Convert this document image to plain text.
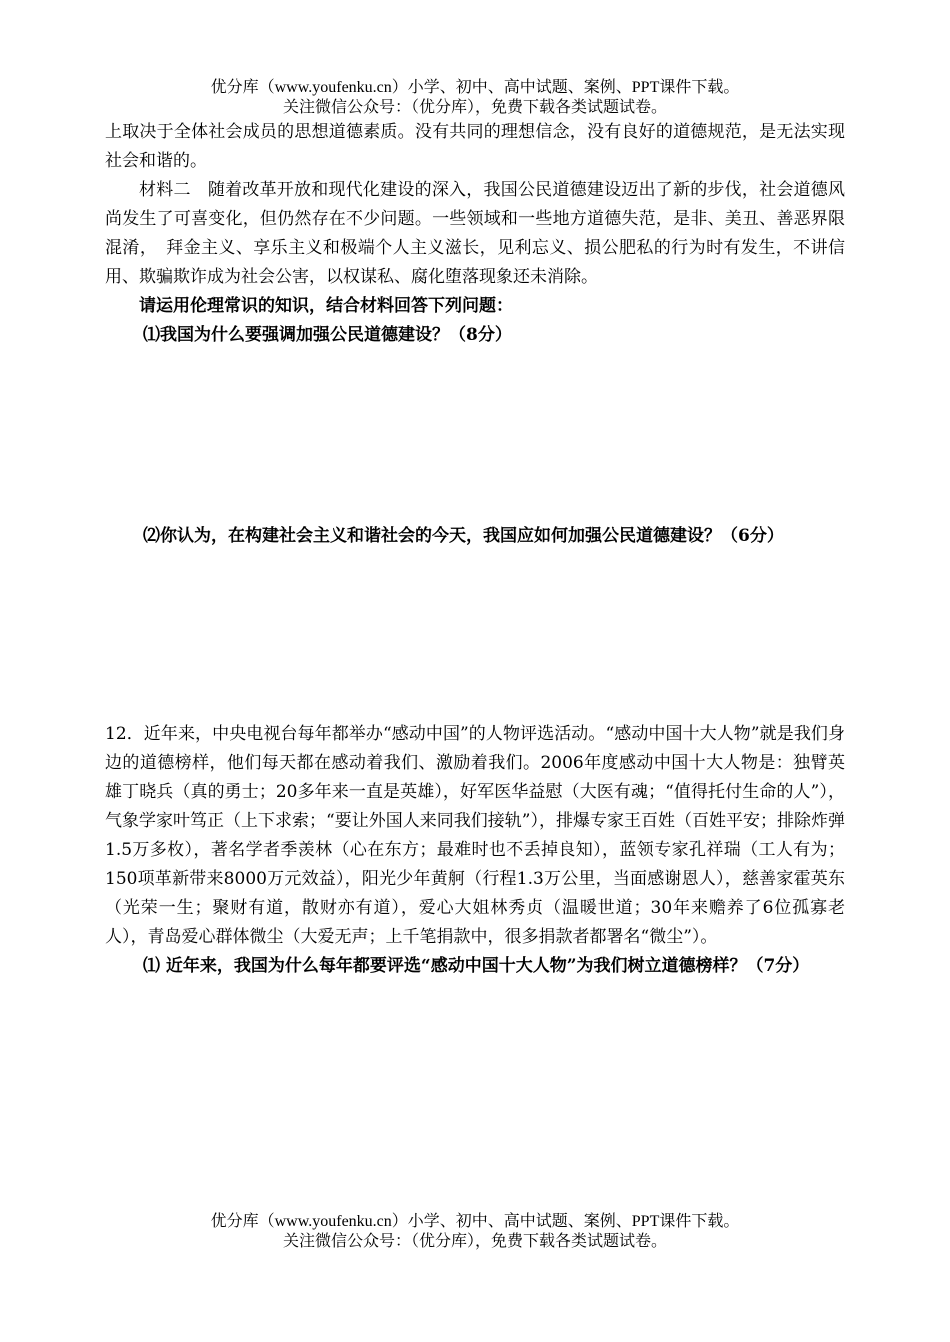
优分库（www.youfenku.cn）小学、初中、高中试题、案例、PPT课件下载。
关注微信公众号：（优分库），免费下载各类试题试卷。

上取决于全体社会成员的思想道德素质。没有共同的理想信念，没有良好的道德规范，是无法实现社会和谐的。

材料二　随着改革开放和现代化建设的深入，我国公民道德建设迈出了新的步伐，社会道德风尚发生了可喜变化，但仍然存在不少问题。一些领域和一些地方道德失范，是非、美丑、善恶界限混淆，　拜金主义、享乐主义和极端个人主义滋长，见利忘义、损公肥私的行为时有发生，不讲信用、欺骗欺诈成为社会公害，以权谋私、腐化堕落现象还未消除。

请运用伦理常识的知识，结合材料回答下列问题：

⑴我国为什么要强调加强公民道德建设？（8分）

⑵你认为，在构建社会主义和谐社会的今天，我国应如何加强公民道德建设？（6分）

12．近年来，中央电视台每年都举办“感动中国”的人物评选活动。“感动中国十大人物”就是我们身边的道德榜样，他们每天都在感动着我们、激励着我们。2006年度感动中国十大人物是：独臂英雄丁晓兵（真的勇士；20多年来一直是英雄），好军医华益慰（大医有魂；“值得托付生命的人”），气象学家叶笃正（上下求索；“要让外国人来同我们接轨”），排爆专家王百姓（百姓平安；排除炸弹1.5万多枚），著名学者季羡林（心在东方；最难时也不丢掉良知），蓝领专家孔祥瑞（工人有为；150项革新带来8000万元效益），阳光少年黄舸（行程1.3万公里，当面感谢恩人），慈善家霍英东（光荣一生；聚财有道，散财亦有道），爱心大姐林秀贞（温暖世道；30年来赡养了6位孤寡老人），青岛爱心群体微尘（大爱无声；上千笔捐款中，很多捐款者都署名“微尘”）。

⑴ 近年来，我国为什么每年都要评选“感动中国十大人物”为我们树立道德榜样？（7分）

优分库（www.youfenku.cn）小学、初中、高中试题、案例、PPT课件下载。
关注微信公众号：（优分库），免费下载各类试题试卷。
